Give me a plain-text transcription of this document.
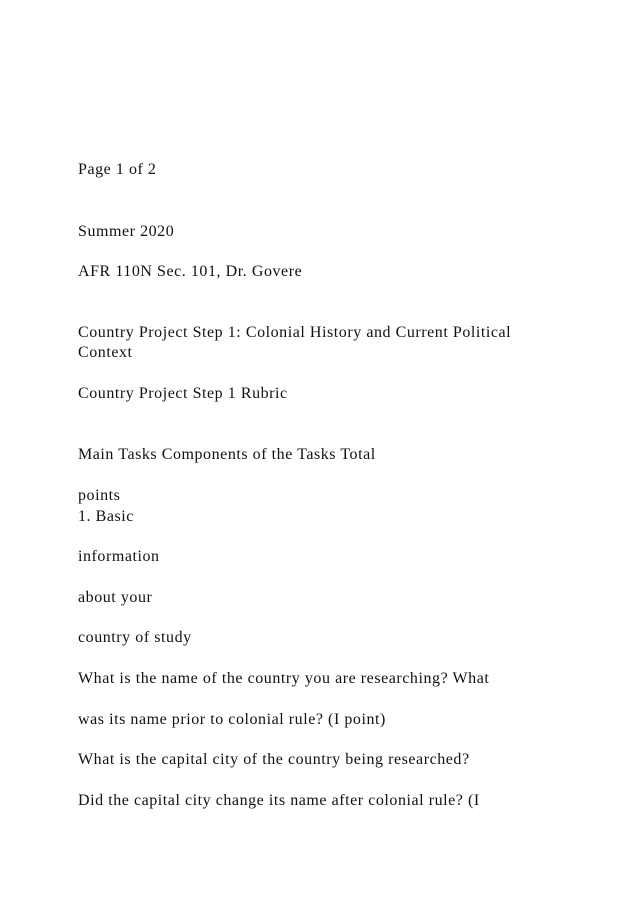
Page 1 of 2
Summer 2020
AFR 110N Sec. 101, Dr. Govere
Country Project Step 1: Colonial History and Current Political Context
Country Project Step 1 Rubric
Main Tasks Components of the Tasks Total
points
1. Basic
information
about your
country of study
What is the name of the country you are researching? What
was its name prior to colonial rule? (I point)
What is the capital city of the country being researched?
Did the capital city change its name after colonial rule? (I
